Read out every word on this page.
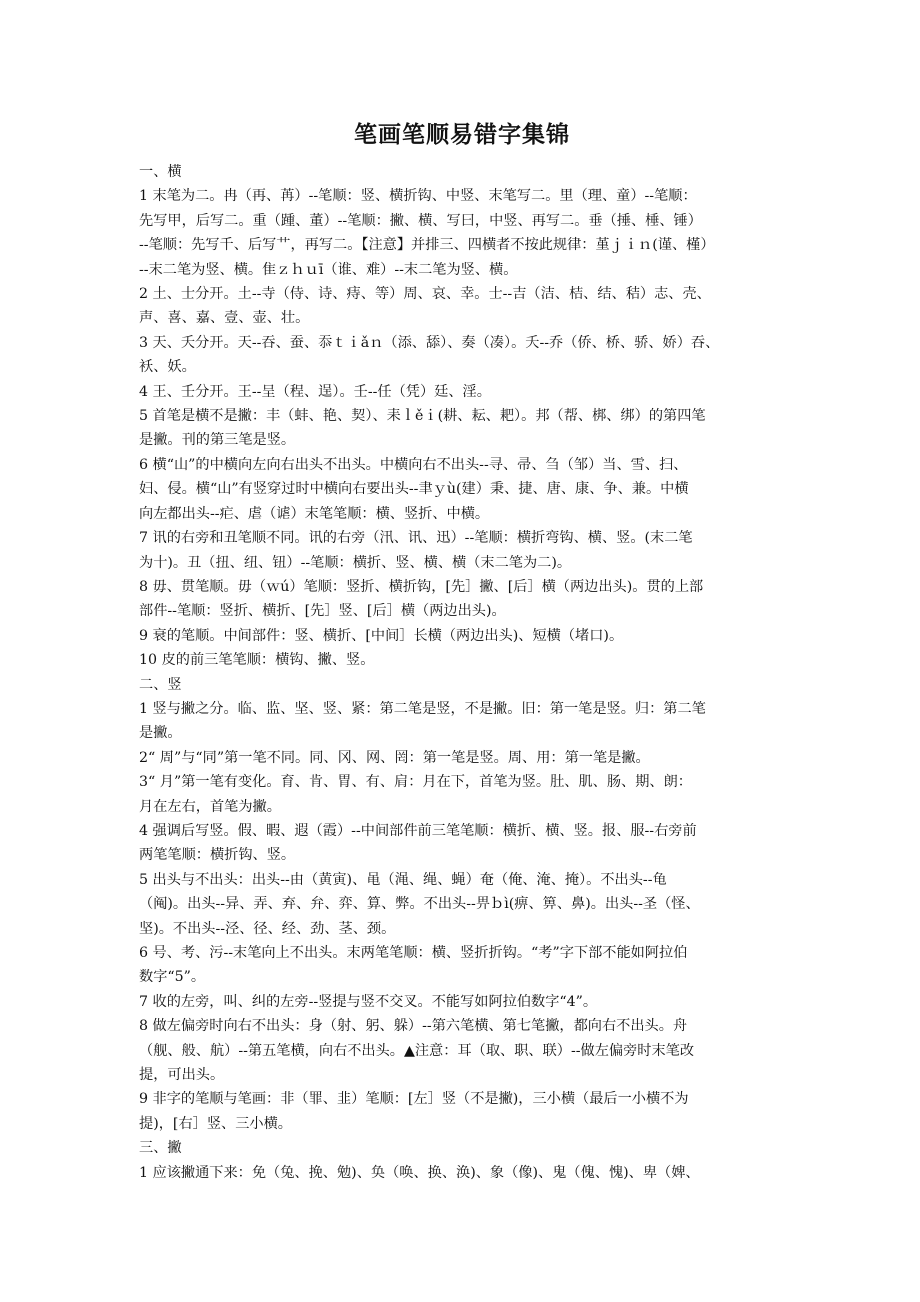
笔画笔顺易错字集锦

一、横

1 末笔为二。冉（再、苒）--笔顺：竖、横折钩、中竖、末笔写二。里（理、童）--笔顺：

先写甲，后写二。重（踵、董）--笔顺：撇、横、写曰，中竖、再写二。垂（捶、棰、锤）

--笔顺：先写千、后写艹，再写二。【注意】并排三、四横者不按此规律：堇ｊｉｎ(谨、槿）

--末二笔为竖、横。隹ｚｈｕī（谁、难）--末二笔为竖、横。

2 土、士分开。土--寺（侍、诗、痔、等）周、哀、幸。士--吉（洁、桔、结、秸）志、壳、

声、喜、嘉、壹、壶、壮。

3 天、夭分开。天--吞、蚕、忝ｔｉǎｎ（添、舔）、奏（凑）。夭--乔（侨、桥、骄、娇）吞、

袄、妖。

4 王、壬分开。王--呈（程、逞）。壬--任（凭）廷、淫。

5 首笔是横不是撇：丰（蚌、艳、契）、耒ｌěｉ(耕、耘、耙）。邦（帮、梆、绑）的第四笔

是撇。刊的第三笔是竖。

6 横“山”的中横向左向右出头不出头。中横向右不出头--寻、帚、刍（邹）当、雪、扫、

妇、侵。横“山”有竖穿过时中横向右要出头--聿ｙù(建）秉、捷、唐、康、争、兼。中横

向左都出头--疟、虐（谑）末笔笔顺：横、竖折、中横。

7 讯的右旁和丑笔顺不同。讯的右旁（汛、讯、迅）--笔顺：横折弯钩、横、竖。(末二笔

为十)。丑（扭、纽、钮）--笔顺：横折、竖、横、横（末二笔为二)。

8 毋、贯笔顺。毋（ｗú）笔顺：竖折、横折钩，[先］撇、[后］横（两边出头)。贯的上部

部件--笔顺：竖折、横折、[先］竖、[后］横（两边出头)。

9 衰的笔顺。中间部件：竖、横折、[中间］长横（两边出头)、短横（堵口)。

10 皮的前三笔笔顺：横钩、撇、竖。

二、竖

1 竖与撇之分。临、监、坚、竖、紧：第二笔是竖，不是撇。旧：第一笔是竖。归：第二笔

是撇。

2“ 周”与“同”第一笔不同。同、冈、网、罔：第一笔是竖。周、用：第一笔是撇。

3“ 月”第一笔有变化。育、肯、胃、有、肩：月在下，首笔为竖。肚、肌、肠、期、朗：

月在左右，首笔为撇。

4 强调后写竖。假、暇、遐（霞）--中间部件前三笔笔顺：横折、横、竖。报、服--右旁前

两笔笔顺：横折钩、竖。

5 出头与不出头：出头--由（黄寅)、黾（渑、绳、蝇）奄（俺、淹、掩）。不出头--龟

（阄)。出头--异、弄、弃、弁、弈、算、弊。不出头--畀ｂì(痹、箅、鼻)。出头--圣（怪、

坚)。不出头--泾、径、经、劲、茎、颈。

6 号、考、污--末笔向上不出头。末两笔笔顺：横、竖折折钩。“考”字下部不能如阿拉伯

数字“5”。

7 收的左旁，叫、纠的左旁--竖提与竖不交叉。不能写如阿拉伯数字“4”。

8 做左偏旁时向右不出头：身（射、躬、躲）--第六笔横、第七笔撇，都向右不出头。舟

（舰、般、航）--第五笔横，向右不出头。▲注意：耳（取、职、联）--做左偏旁时末笔改

提，可出头。

9 非字的笔顺与笔画：非（罪、韭）笔顺：[左］竖（不是撇)，三小横（最后一小横不为

提)，[右］竖、三小横。

三、撇

1 应该撇通下来：免（兔、挽、勉)、奂（唤、换、涣)、象（像)、鬼（傀、愧)、卑（婢、
